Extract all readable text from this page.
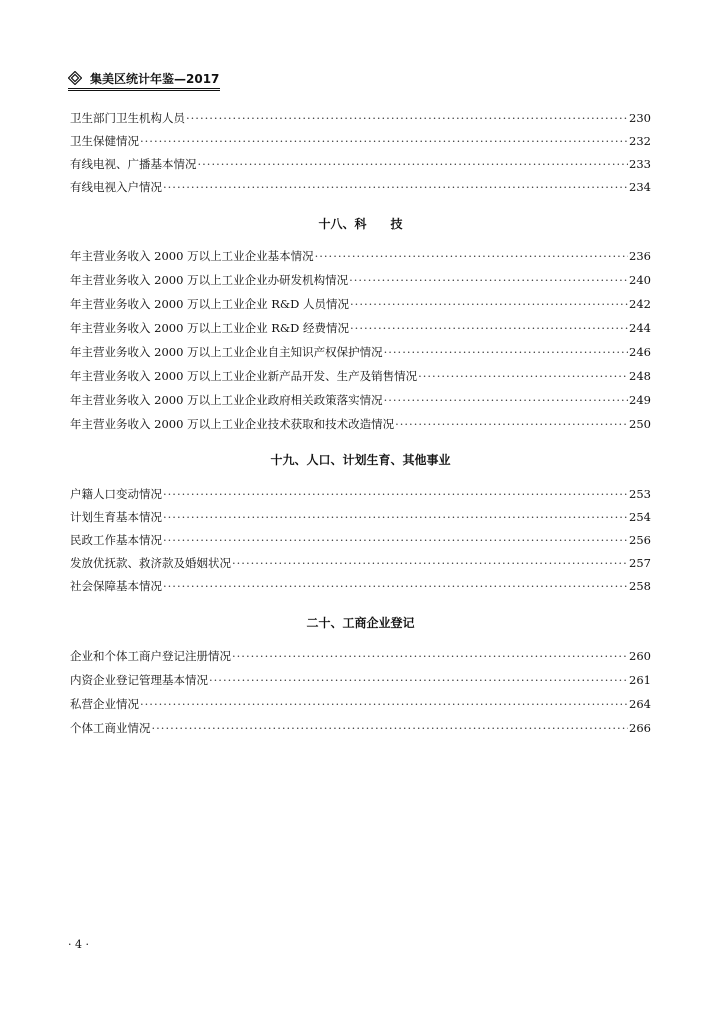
集美区统计年鉴—2017
卫生部门卫生机构人员 ·····	230
卫生保健情况 ·····	232
有线电视、广播基本情况 ·····	233
有线电视入户情况 ·····	234
十八、科　　技
年主营业务收入 2000 万以上工业企业基本情况 ·····	236
年主营业务收入 2000 万以上工业企业办研发机构情况 ·····	240
年主营业务收入 2000 万以上工业企业 R&D 人员情况 ·····	242
年主营业务收入 2000 万以上工业企业 R&D 经费情况 ·····	244
年主营业务收入 2000 万以上工业企业自主知识产权保护情况 ·····	246
年主营业务收入 2000 万以上工业企业新产品开发、生产及销售情况 ·····	248
年主营业务收入 2000 万以上工业企业政府相关政策落实情况 ·····	249
年主营业务收入 2000 万以上工业企业技术获取和技术改造情况 ·····	250
十九、人口、计划生育、其他事业
户籍人口变动情况 ·····	253
计划生育基本情况 ·····	254
民政工作基本情况 ·····	256
发放优抚款、救济款及婚姻状况 ·····	257
社会保障基本情况 ·····	258
二十、工商企业登记
企业和个体工商户登记注册情况 ·····	260
内资企业登记管理基本情况 ·····	261
私营企业情况 ·····	264
个体工商业情况 ·····	266
· 4 ·
